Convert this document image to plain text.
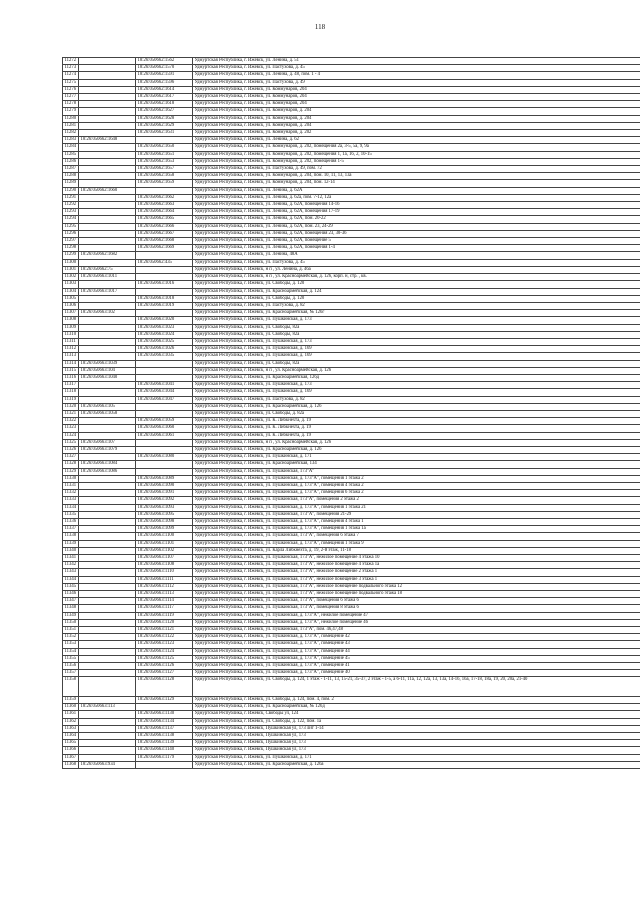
118
11272		18:26:050662:1562	Удмуртская Республика, г. Ижевск, ул. Ленина, д. 51
11273		18:26:050662:1570	Удмуртская Республика, г. Ижевск, ул. Пастухова, д. 45
11274		18:26:050662:1591	Удмуртская Республика, г. Ижевск, ул. Ленина, д. 48, пом. 1 - 4
11275		18:26:050662:1596	Удмуртская Республика, г. Ижевск, ул. Пастухова, д. 49
11276		18:26:050662:1614	Удмуртская Республика, г. Ижевск, ул. Коммунаров, 204
11277		18:26:050662:1617	Удмуртская Республика, г. Ижевск, ул. Коммунаров, 204
11278		18:26:050662:1618	Удмуртская Республика, г. Ижевск, ул. Коммунаров, 204
11279		18:26:050662:1627	Удмуртская Республика, г. Ижевск, ул. Коммунаров, д. 204
11280		18:26:050662:1628	Удмуртская Республика, г. Ижевск, ул. Коммунаров, д. 204
11281		18:26:050662:1629	Удмуртская Республика, г. Ижевск, ул. Коммунаров, д. 204
11282		18:26:050662:1631	Удмуртская Республика, г. Ижевск, ул. Коммунаров, д. 202
11283	18:26:050662:1648		Удмуртская Республика, г. Ижевск, ул. Ленина, д. 62
11284		18:26:050662:1650	Удмуртская Республика, г. Ижевск, ул. Коммунаров, д. 202, помещения 2а, 3-5, 5а, 9, 9а
11285		18:26:050662:1651	Удмуртская Республика, г. Ижевск, ул. Коммунаров, д. 202, помещения 1, 1а, 16, 2, 10-15
11286		18:26:050662:1653	Удмуртская Республика, г. Ижевск, ул. Коммунаров, д. 202, помещения 1-5
11287		18:26:050662:1657	Удмуртская Республика, г. Ижевск, ул. Пастухова, д. 49, пом. 72
11288		18:26:050662:1658	Удмуртская Республика, г. Ижевск, ул. Коммунаров, д. 204, пом. 10, 11, 13, 13а
11289		18:26:050662:1659	Удмуртская Республика, г. Ижевск, ул. Коммунаров, д. 204, пом. 12-14
11290	18:26:050662:1660		Удмуртская Республика, г. Ижевск, ул. Ленина, д. 62А
11291		18:26:050662:1662	Удмуртская Республика, г. Ижевск, ул. Ленина, д. 62а, пом. 7-12, 12а
11292		18:26:050662:1663	Удмуртская Республика, г. Ижевск, ул. Ленина, д. 62А, помещения 14-16
11293		18:26:050662:1664	Удмуртская Республика, г. Ижевск, ул. Ленина, д. 62А, помещения 17-19
11294		18:26:050662:1665	Удмуртская Республика, г. Ижевск, ул. Ленина, д. 62А, пом. 20-22
11295		18:26:050662:1666	Удмуртская Республика, г. Ижевск, ул. Ленина, д. 62А, пом. 23, 24-29
11296		18:26:050662:1667	Удмуртская Республика, г. Ижевск, ул. Ленина, д. 62А, помещения 23, 30-36
11297		18:26:050662:1668	Удмуртская Республика, г. Ижевск, ул. Ленина, д. 62А, помещение 5
11298		18:26:050662:1669	Удмуртская Республика, г. Ижевск, ул. Ленина, д. 62А, помещения 1-4
11299	18:26:050662:1682		Удмуртская Республика, г. Ижевск, ул. Ленина, 48А
11300		18:26:050662:435	Удмуртская Республика, г. Ижевск, ул. Пастухова, д. 45
11301	18:26:050662:75		Удмуртская Республика, г. Ижевск, н п , ул. Ленина, д. 46а
11302	18:26:050663:1011		Удмуртская Республика, г. Ижевск, н п , ул. Красноармейская, д. 126, корп. н, стр. , кв.
11303		18:26:050663:1016	Удмуртская Республика, г. Ижевск, ул. Свободы, д. 120
11304	18:26:050663:1017		Удмуртская Республика, г. Ижевск, ул. Красноармейская, д. 124
11305		18:26:050663:1018	Удмуртская Республика, г. Ижевск, ул. Свободы, д. 120
11306		18:26:050663:1019	Удмуртская Республика, г. Ижевск, ул. Пастухова, д. 82
11307	18:26:050663:102		Удмуртская Республика, г. Ижевск, ул. Красноармейская, № 126г
11308		18:26:050663:1020	Удмуртская Республика, г. Ижевск, ул. Пушкинская, д. 173
11309		18:26:050663:1023	Удмуртская Республика, г. Ижевск, ул. Свободы, 82а
11310		18:26:050663:1024	Удмуртская Республика, г. Ижевск, ул. Свободы, 82а
11311		18:26:050663:1025	Удмуртская Республика, г. Ижевск, ул. Пушкинская, д. 173
11312		18:26:050663:1026	Удмуртская Республика, г. Ижевск, ул. Пушкинская, д. 169
11313		18:26:050663:1035	Удмуртская Республика, г. Ижевск, ул. Пушкинская, д. 169
11314	18:26:050663:1039		Удмуртская Республика, г. Ижевск, ул. Свободы, 82а
11315	18:26:050663:104		Удмуртская Республика, г. Ижевск, н п , ул. Красноармейская, д. 126
11316	18:26:050663:1040		Удмуртская Республика, г. Ижевск, ул. Красноармейская, 126д
11317		18:26:050663:1041	Удмуртская Республика, г. Ижевск, ул. Пушкинская, д. 173
11318		18:26:050663:1044	Удмуртская Республика, г. Ижевск, ул. Пушкинская, д. 169
11319		18:26:050663:1047	Удмуртская Республика, г. Ижевск, ул. Пастухова, д. 82
11320	18:26:050663:105		Удмуртская Республика, г. Ижевск, ул. Красноармейская, д. 126
11321	18:26:050663:1058		Удмуртская Республика, г. Ижевск, ул. Свободы, д. 82а
11322		18:26:050663:1059	Удмуртская Республика, г. Ижевск, ул. К. Либкнехта, д. 19
11323		18:26:050663:1060	Удмуртская Республика, г. Ижевск, ул. К. Либкнехта, д. 19
11324		18:26:050663:1061	Удмуртская Республика, г. Ижевск, ул. К. Либкнехта, д. 19
11325	18:26:050663:107		Удмуртская Республика, г. Ижевск, н п , ул. Красноармейская, д. 126
11326	18:26:050663:1079		Удмуртская Республика, г. Ижевск, ул. Красноармейская, д. 126
11327		18:26:050663:1080	Удмуртская Республика, г. Ижевск, ул. Пушкинская, д. 171
11328	18:26:050663:1084		Удмуртская Республика, г. Ижевск, ул. Красноармейская, 134
11329	18:26:050663:1086		Удмуртская Республика, г. Ижевск, ул. Пушкинская, 173"А"
11330		18:26:050663:1089	Удмуртская Республика, г. Ижевск, ул. Пушкинская, д. 173"А", помещения 1 этажа 2
11331		18:26:050663:1090	Удмуртская Республика, г. Ижевск, ул. Пушкинская, д. 173"А", помещения 4 этажа 2
11332		18:26:050663:1091	Удмуртская Республика, г. Ижевск, ул. Пушкинская, д. 173"А", помещения 6 этажа 2
11333		18:26:050663:1092	Удмуртская Республика, г. Ижевск, ул. Пушкинская, 173"А", помещения 2 этажа 2
11334		18:26:050663:1093	Удмуртская Республика, г. Ижевск, ул. Пушкинская, д. 173"А", помещения 1 этажа 21
11335		18:26:050663:1095	Удмуртская Республика, г. Ижевск, ул. Пушкинская, 173"А", помещения 21-29
11336		18:26:050663:1098	Удмуртская Республика, г. Ижевск, ул. Пушкинская, д. 173"А", помещения 4 этажа 1
11337		18:26:050663:1099	Удмуртская Республика, г. Ижевск, ул. Пушкинская, д. 173"А", помещения 1 этажа 1а
11338		18:26:050663:1100	Удмуртская Республика, г. Ижевск, ул. Пушкинская, 173"А", помещения 6 этажа 7
11339		18:26:050663:1101	Удмуртская Республика, г. Ижевск, ул. Пушкинская, д. 173"А", помещения 1 этажа 9
11340		18:26:050663:1102	Удмуртская Республика, г. Ижевск, ул. Карла Либкнехта, д. 19, 2-й этаж, 11-18
11341		18:26:050663:1107	Удмуртская Республика, г. Ижевск, ул. Пушкинская, 173"А", нежилое помещение 4 этажа 10
11342		18:26:050663:1108	Удмуртская Республика, г. Ижевск, ул. Пушкинская, 173"А", нежилое помещение 4 этажа 1а
11343		18:26:050663:1110	Удмуртская Республика, г. Ижевск, ул. Пушкинская, 173"А", нежилое помещение 2 этажа 1
11344		18:26:050663:1111	Удмуртская Республика, г. Ижевск, ул. Пушкинская, 173"А", нежилое помещение 3 этажа 1
11345		18:26:050663:1112	Удмуртская Республика, г. Ижевск, ул. Пушкинская, 173"А", нежилое помещение подвального этажа 12
11346		18:26:050663:1113	Удмуртская Республика, г. Ижевск, ул. Пушкинская, 173"А", нежилое помещение подвального этажа 18
11347		18:26:050663:1114	Удмуртская Республика, г. Ижевск, ул. Пушкинская, 173"А", помещения 6 этажа 6
11348		18:26:050663:1117	Удмуртская Республика, г. Ижевск, ул. Пушкинская, 173"А", помещения 8 этажа 6
11349		18:26:050663:1119	Удмуртская Республика, г. Ижевск, ул. Пушкинская, д. 173"А", нежилое помещение 47
11350		18:26:050663:1120	Удмуртская Республика, г. Ижевск, ул. Пушкинская, д. 173"А", нежилое помещение 46
11351		18:26:050663:1121	Удмуртская Республика, г. Ижевск, ул. Пушкинская, 173"А", пом. 46,47,48
11352		18:26:050663:1122	Удмуртская Республика, г. Ижевск, ул. Пушкинская, д. 173"А", помещение 42
11353		18:26:050663:1123	Удмуртская Республика, г. Ижевск, ул. Пушкинская, д. 173"А", помещение 43
11354		18:26:050663:1124	Удмуртская Республика, г. Ижевск, ул. Пушкинская, д. 173"А", помещение 44
11355		18:26:050663:1125	Удмуртская Республика, г. Ижевск, ул. Пушкинская, д. 173"А", помещение 45
11356		18:26:050663:1126	Удмуртская Республика, г. Ижевск, ул. Пушкинская, д. 173"А", помещение 41
11357		18:26:050663:1127	Удмуртская Республика, г. Ижевск, ул. Пушкинская, д. 173"А", помещение 40
11358		18:26:050663:1128	Удмуртская Республика, г. Ижевск, ул. Свободы, д. 124, 1 этаж - 1-11, 13, 15-21, 35-37, 2 этаж - 1-5, а 6-11, 11а, 12, 12а, 13, 13а, 14-16, 16а, 17-18, 18а, 19, 20, 20а, 21-40
11359		18:26:050663:1129	Удмуртская Республика, г. Ижевск, ул. Свободы, д. 124, пом. 4, пом. 2
11360	18:26:050663:113		Удмуртская Республика, г. Ижевск, ул. Красноармейская, № 126д
11361		18:26:050663:1130	Удмуртская Республика, г. Ижевск, Свободы ул, 124
11362		18:26:050663:1134	Удмуртская Республика, г. Ижевск, ул. Свободы, д. 122, пом. 1а
11363		18:26:050663:1137	Удмуртская Республика, г. Ижевск, Пушкинская ул, 173 лит 1-14
11364		18:26:050663:1138	Удмуртская Республика, г. Ижевск, Пушкинская ул, 173
11365		18:26:050663:1139	Удмуртская Республика, г. Ижевск, Пушкинская ул, 173
11366		18:26:050663:1140	Удмуртская Республика, г. Ижевск, Пушкинская ул, 173
11367		18:26:050663:1179	Удмуртская Республика, г. Ижевск, ул. Пушкинская, д. 171
11368	18:26:050663:934		Удмуртская Республика, г. Ижевск, ул. Красноармейская, д. 126а
